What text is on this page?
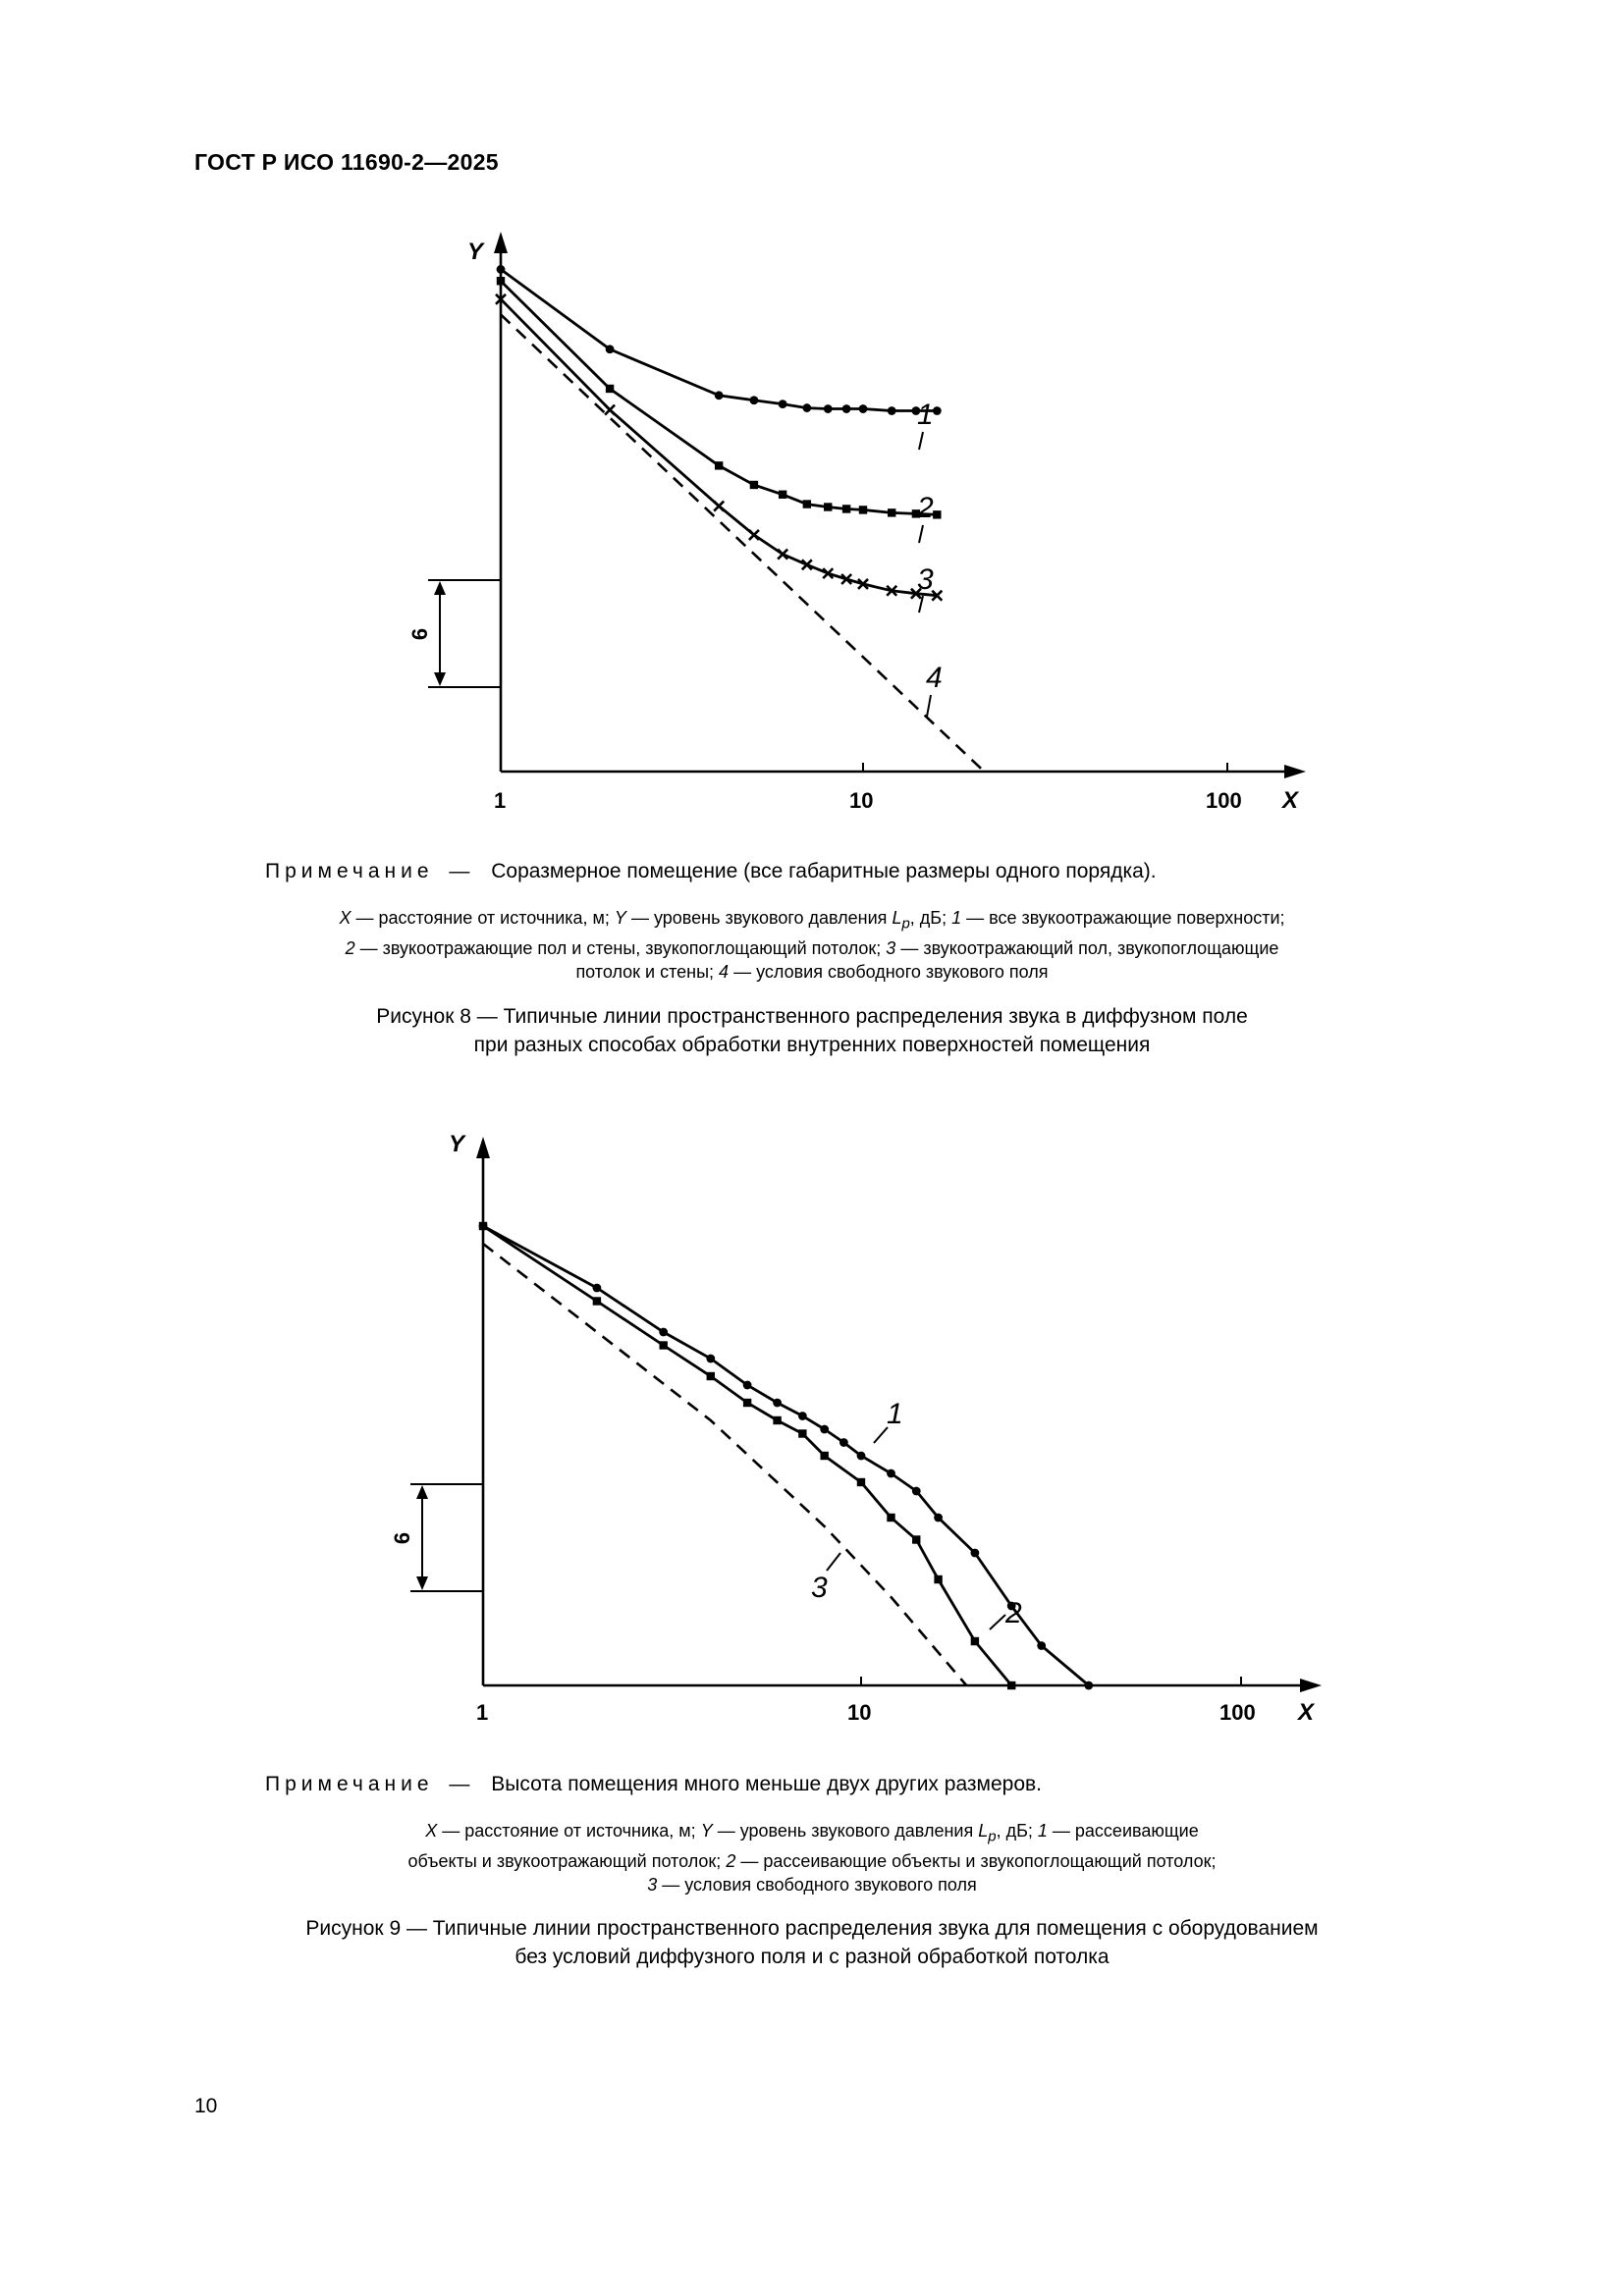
ГОСТ Р ИСО 11690-2—2025
Y
X
1	10	100
6
1
2
3
4
Примечание — Соразмерное помещение (все габаритные размеры одного порядка).
X — расстояние от источника, м; Y — уровень звукового давления $L_p$, дБ; 1 — все звукоотражающие поверхности;
2 — звукоотражающие пол и стены, звукопоглощающий потолок; 3 — звукоотражающий пол, звукопоглощающие
потолок и стены; 4 — условия свободного звукового поля
Рисунок 8 — Типичные линии пространственного распределения звука в диффузном поле
при разных способах обработки внутренних поверхностей помещения
Y
X
1	10	100
6
1
2
3
Примечание — Высота помещения много меньше двух других размеров.
X — расстояние от источника, м; Y — уровень звукового давления $L_p$, дБ; 1 — рассеивающие
объекты и звукоотражающий потолок; 2 — рассеивающие объекты и звукопоглощающий потолок;
3 — условия свободного звукового поля
Рисунок 9 — Типичные линии пространственного распределения звука для помещения с оборудованием
без условий диффузного поля и с разной обработкой потолка
10
